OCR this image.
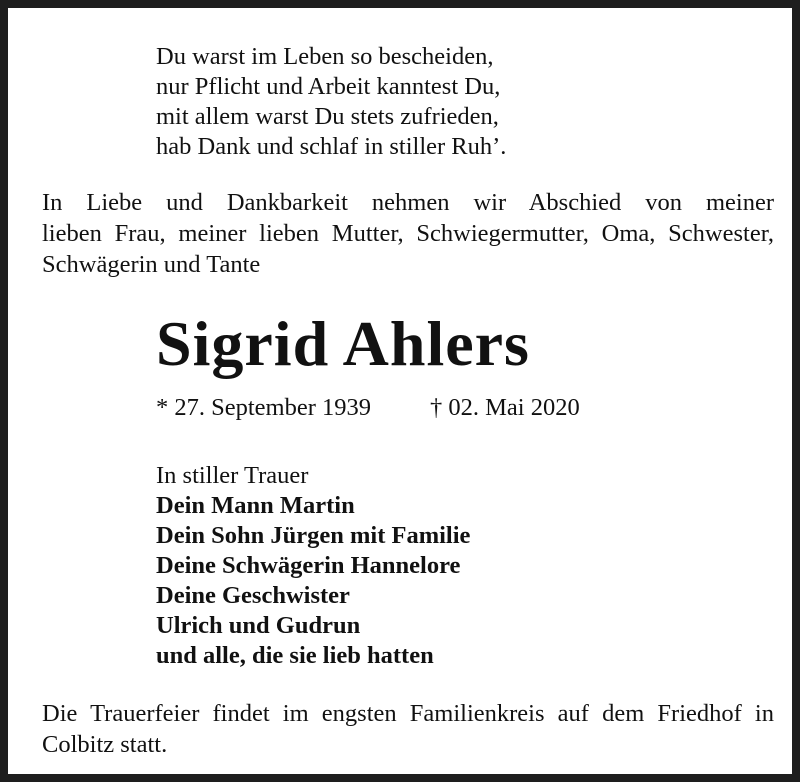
Du warst im Leben so bescheiden,
nur Pflicht und Arbeit kanntest Du,
mit allem warst Du stets zufrieden,
hab Dank und schlaf in stiller Ruh’.
In Liebe und Dankbarkeit nehmen wir Abschied von meiner
lieben Frau, meiner lieben Mutter, Schwiegermutter, Oma, Schwester,
Schwägerin und Tante
Sigrid Ahlers
* 27. September 1939 † 02. Mai 2020
In stiller Trauer
Dein Mann Martin
Dein Sohn Jürgen mit Familie
Deine Schwägerin Hannelore
Deine Geschwister
Ulrich und Gudrun
und alle, die sie lieb hatten
Die Trauerfeier findet im engsten Familienkreis auf dem Friedhof in
Colbitz statt.
